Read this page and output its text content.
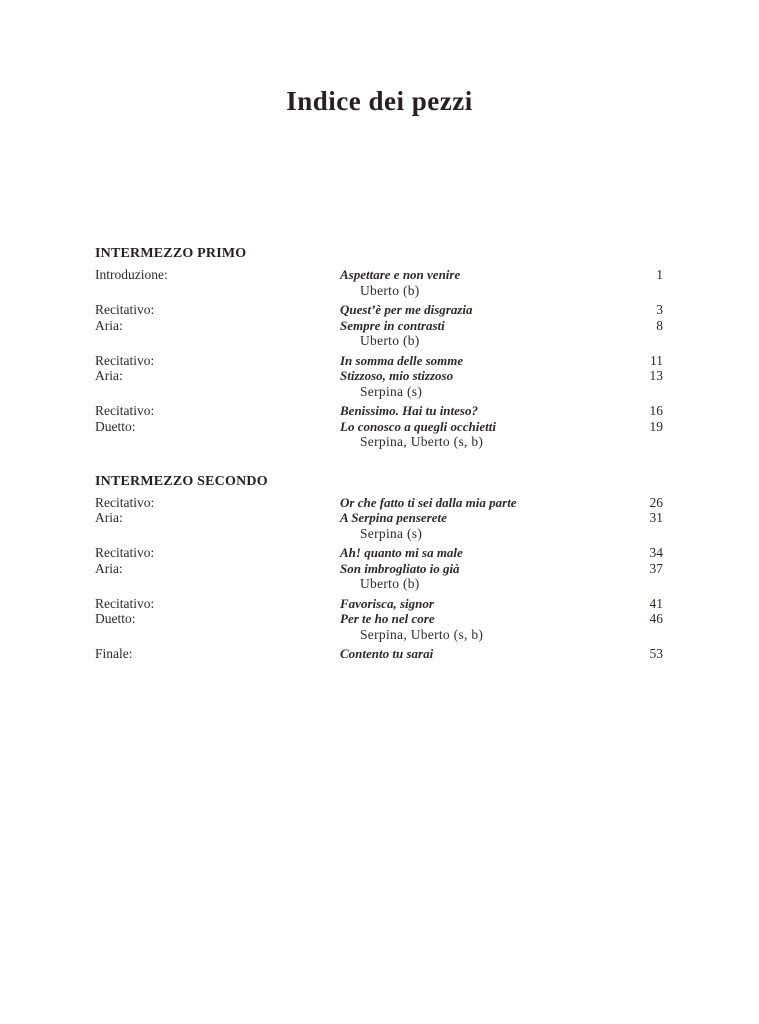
Indice dei pezzi
INTERMEZZO PRIMO
Introduzione:	Aspettare e non venire	1
Uberto (b)
Recitativo:	Quest’è per me disgrazia	3
Aria:	Sempre in contrasti	8
Uberto (b)
Recitativo:	In somma delle somme	11
Aria:	Stizzoso, mio stizzoso	13
Serpina (s)
Recitativo:	Benissimo. Hai tu inteso?	16
Duetto:	Lo conosco a quegli occhietti	19
Serpina, Uberto (s, b)
INTERMEZZO SECONDO
Recitativo:	Or che fatto ti sei dalla mia parte	26
Aria:	A Serpina penserete	31
Serpina (s)
Recitativo:	Ah! quanto mi sa male	34
Aria:	Son imbrogliato io già	37
Uberto (b)
Recitativo:	Favorisca, signor	41
Duetto:	Per te ho nel core	46
Serpina, Uberto (s, b)
Finale:	Contento tu sarai	53
